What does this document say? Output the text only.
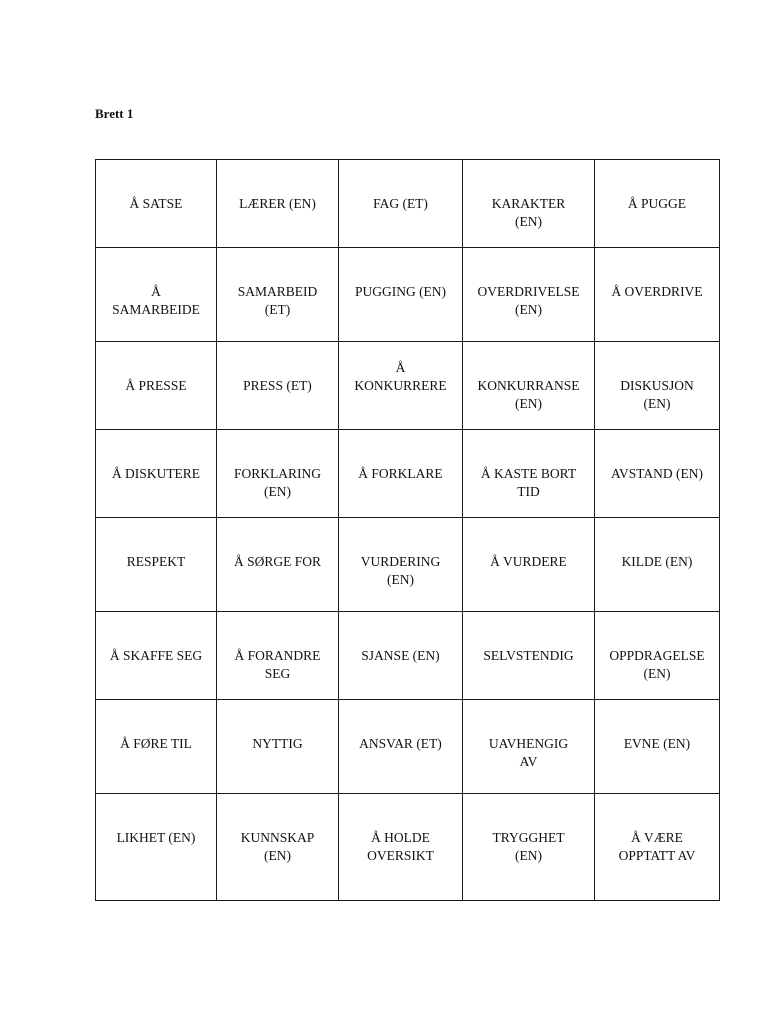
Brett 1
Å SATSE	LÆRER (EN)	FAG (ET)	KARAKTER
(EN)	Å PUGGE

Å
SAMARBEIDE	SAMARBEID
(ET)	PUGGING (EN)	OVERDRIVELSE
(EN)	Å OVERDRIVE

Å PRESSE	PRESS (ET)	Å
KONKURRERE	KONKURRANSE
(EN)	DISKUSJON
(EN)

Å DISKUTERE	FORKLARING
(EN)	Å FORKLARE	Å KASTE BORT
TID	AVSTAND (EN)

RESPEKT	Å SØRGE FOR	VURDERING
(EN)	Å VURDERE	KILDE (EN)

Å SKAFFE SEG	Å FORANDRE
SEG	SJANSE (EN)	SELVSTENDIG	OPPDRAGELSE
(EN)

Å FØRE TIL	NYTTIG	ANSVAR (ET)	UAVHENGIG
AV	EVNE (EN)

LIKHET (EN)	KUNNSKAP
(EN)	Å HOLDE
OVERSIKT	TRYGGHET
(EN)	Å VÆRE
OPPTATT AV
